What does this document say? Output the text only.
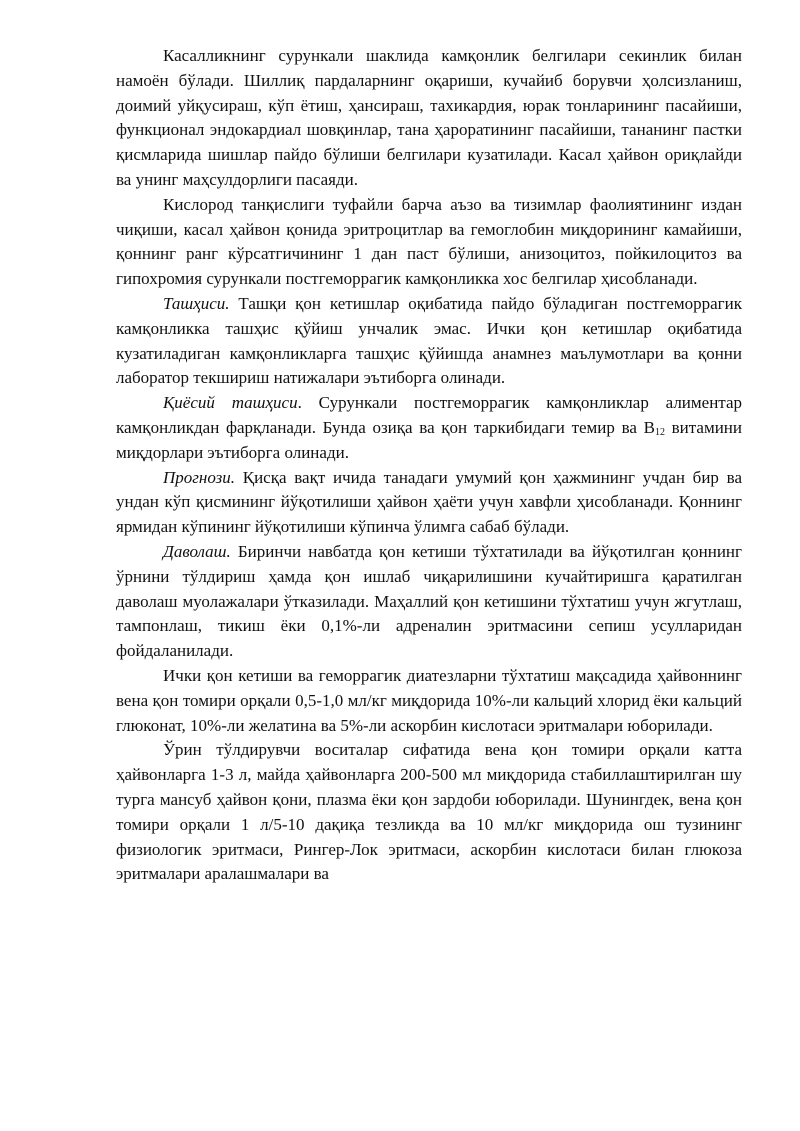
Касалликнинг сурункали шаклида камқонлик белгилари секинлик билан намоён бўлади. Шиллиқ пардаларнинг оқариши, кучайиб борувчи ҳолсизланиш, доимий уйқусираш, кўп ётиш, ҳансираш, тахикардия, юрак тонларининг пасайиши, функционал эндокардиал шовқинлар, тана ҳароратининг пасайиши, тананинг пастки қисмларида шишлар пайдо бўлиши белгилари кузатилади. Касал ҳайвон ориқлайди ва унинг маҳсулдорлиги пасаяди.

Кислород танқислиги туфайли барча аъзо ва тизимлар фаолиятининг издан чиқиши, касал ҳайвон қонида эритроцитлар ва гемоглобин миқдорининг камайиши, қоннинг ранг кўрсатгичининг 1 дан паст бўлиши, анизоцитоз, пойкилоцитоз ва гипохромия сурункали постгеморрагик камқонликка хос белгилар ҳисобланади.

Ташҳиси. Ташқи қон кетишлар оқибатида пайдо бўладиган постгеморрагик камқонликка ташҳис қўйиш унчалик эмас. Ички қон кетишлар оқибатида кузатиладиган камқонликларга ташҳис қўйишда анамнез маълумотлари ва қонни лаборатор текшириш натижалари эътиборга олинади.

Қиёсий ташҳиси. Сурункали постгеморрагик камқонликлар алиментар камқонликдан фарқланади. Бунда озиқа ва қон таркибидаги темир ва $В_{12}$ витамини миқдорлари эътиборга олинади.

Прогнози. Қисқа вақт ичида танадаги умумий қон ҳажмининг учдан бир ва ундан кўп қисмининг йўқотилиши ҳайвон ҳаёти учун хавфли ҳисобланади. Қоннинг ярмидан кўпининг йўқотилиши кўпинча ўлимга сабаб бўлади.

Даволаш. Биринчи навбатда қон кетиши тўхтатилади ва йўқотилган қоннинг ўрнини тўлдириш ҳамда қон ишлаб чиқарилишини кучайтиришга қаратилган даволаш муолажалари ўтказилади. Маҳаллий қон кетишини тўхтатиш учун жгутлаш, тампонлаш, тикиш ёки 0,1%-ли адреналин эритмасини сепиш усулларидан фойдаланилади.

Ички қон кетиши ва геморрагик диатезларни тўхтатиш мақсадида ҳайвоннинг вена қон томири орқали 0,5-1,0 мл/кг миқдорида 10%-ли кальций хлорид ёки кальций глюконат, 10%-ли желатина ва 5%-ли аскорбин кислотаси эритмалари юборилади.

Ўрин тўлдирувчи воситалар сифатида вена қон томири орқали катта ҳайвонларга 1-3 л, майда ҳайвонларга 200-500 мл миқдорида стабиллаштирилган шу турга мансуб ҳайвон қони, плазма ёки қон зардоби юборилади. Шунингдек, вена қон томири орқали 1 л/5-10 дақиқа тезликда ва 10 мл/кг миқдорида ош тузининг физиологик эритмаси, Рингер-Лок эритмаси, аскорбин кислотаси билан глюкоза эритмалари аралашмалари ва
